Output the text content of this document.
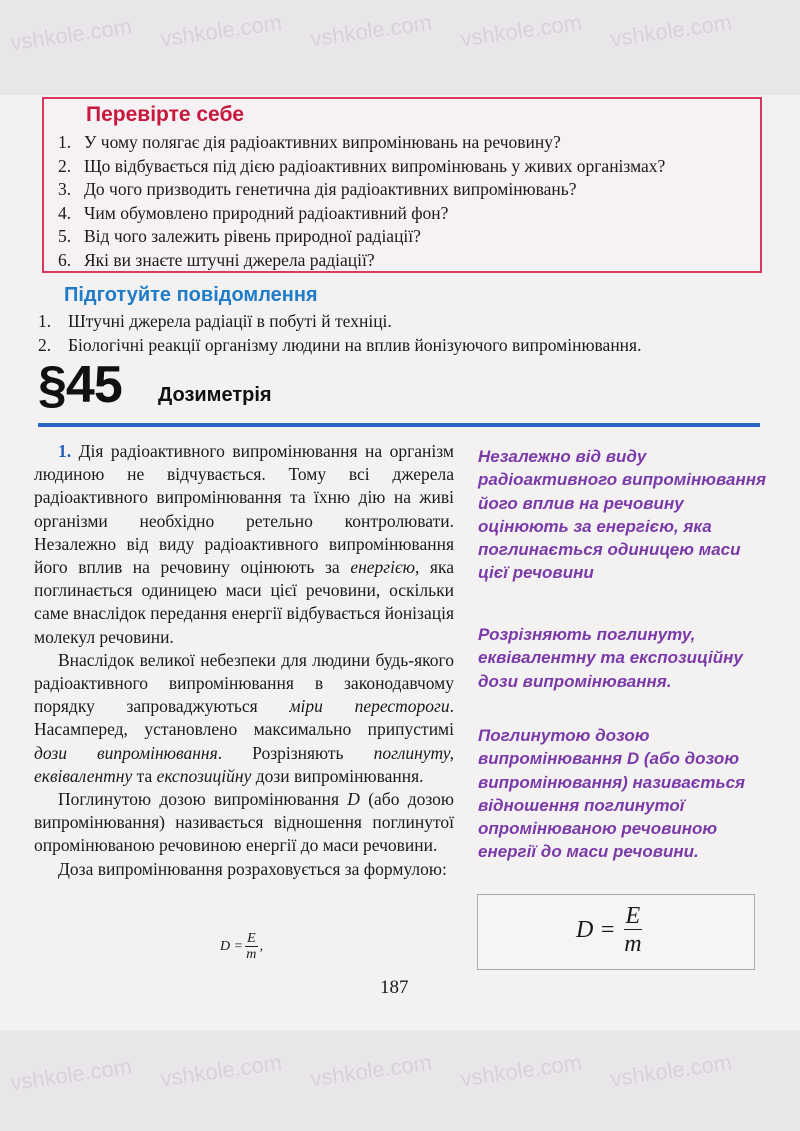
vshkole.com vshkole.com vshkole.com vshkole.com vshkole.com
vshkole.com vshkole.com vshkole.com vshkole.com vshkole.com
Перевірте себе
1. У чому полягає дія радіоактивних випромінювань на речовину?
2. Що відбувається під дією радіоактивних випромінювань у живих організмах?
3. До чого призводить генетична дія радіоактивних випромінювань?
4. Чим обумовлено природний радіоактивний фон?
5. Від чого залежить рівень природної радіації?
6. Які ви знаєте штучні джерела радіації?
Підготуйте повідомлення
1. Штучні джерела радіації в побуті й техніці.
2. Біологічні реакції організму людини на вплив йонізуючого випромінювання.
§45 Дозиметрія

1. Дія радіоактивного випромінювання на організм людиною не відчувається. Тому всі джерела радіоактивного випромінювання та їхню дію на живі організми необхідно ретельно контролювати. Незалежно від виду радіоактивного випромінювання його вплив на речовину оцінюють за енергією, яка поглинається одиницею маси цієї речовини, оскільки саме внаслідок передання енергії відбувається йонізація молекул речовини.

Внаслідок великої небезпеки для людини будь-якого радіоактивного випромінювання в законодавчому порядку запроваджуються міри перестороги. Насамперед, установлено максимально припустимі дози випромінювання. Розрізняють поглинуту, еквівалентну та експозиційну дози випромінювання.

Поглинутою дозою випромінювання D (або дозою випромінювання) називається відношення поглинутої опромінюваною речовиною енергії до маси речовини.

Доза випромінювання розраховується за формулою:

$D = \frac{E}{m}$ ,
Незалежно від виду радіоактивного випромінювання його вплив на речовину оцінюють за енергією, яка поглинається одиницею маси цієї речовини
Розрізняють поглинуту, еквівалентну та експозиційну дози випромінювання.
Поглинутою дозою випромінювання D (або дозою випромінювання) називається відношення поглинутої опромінюваною речовиною енергії до маси речовини.
$D = \frac{E}{m}$
187
